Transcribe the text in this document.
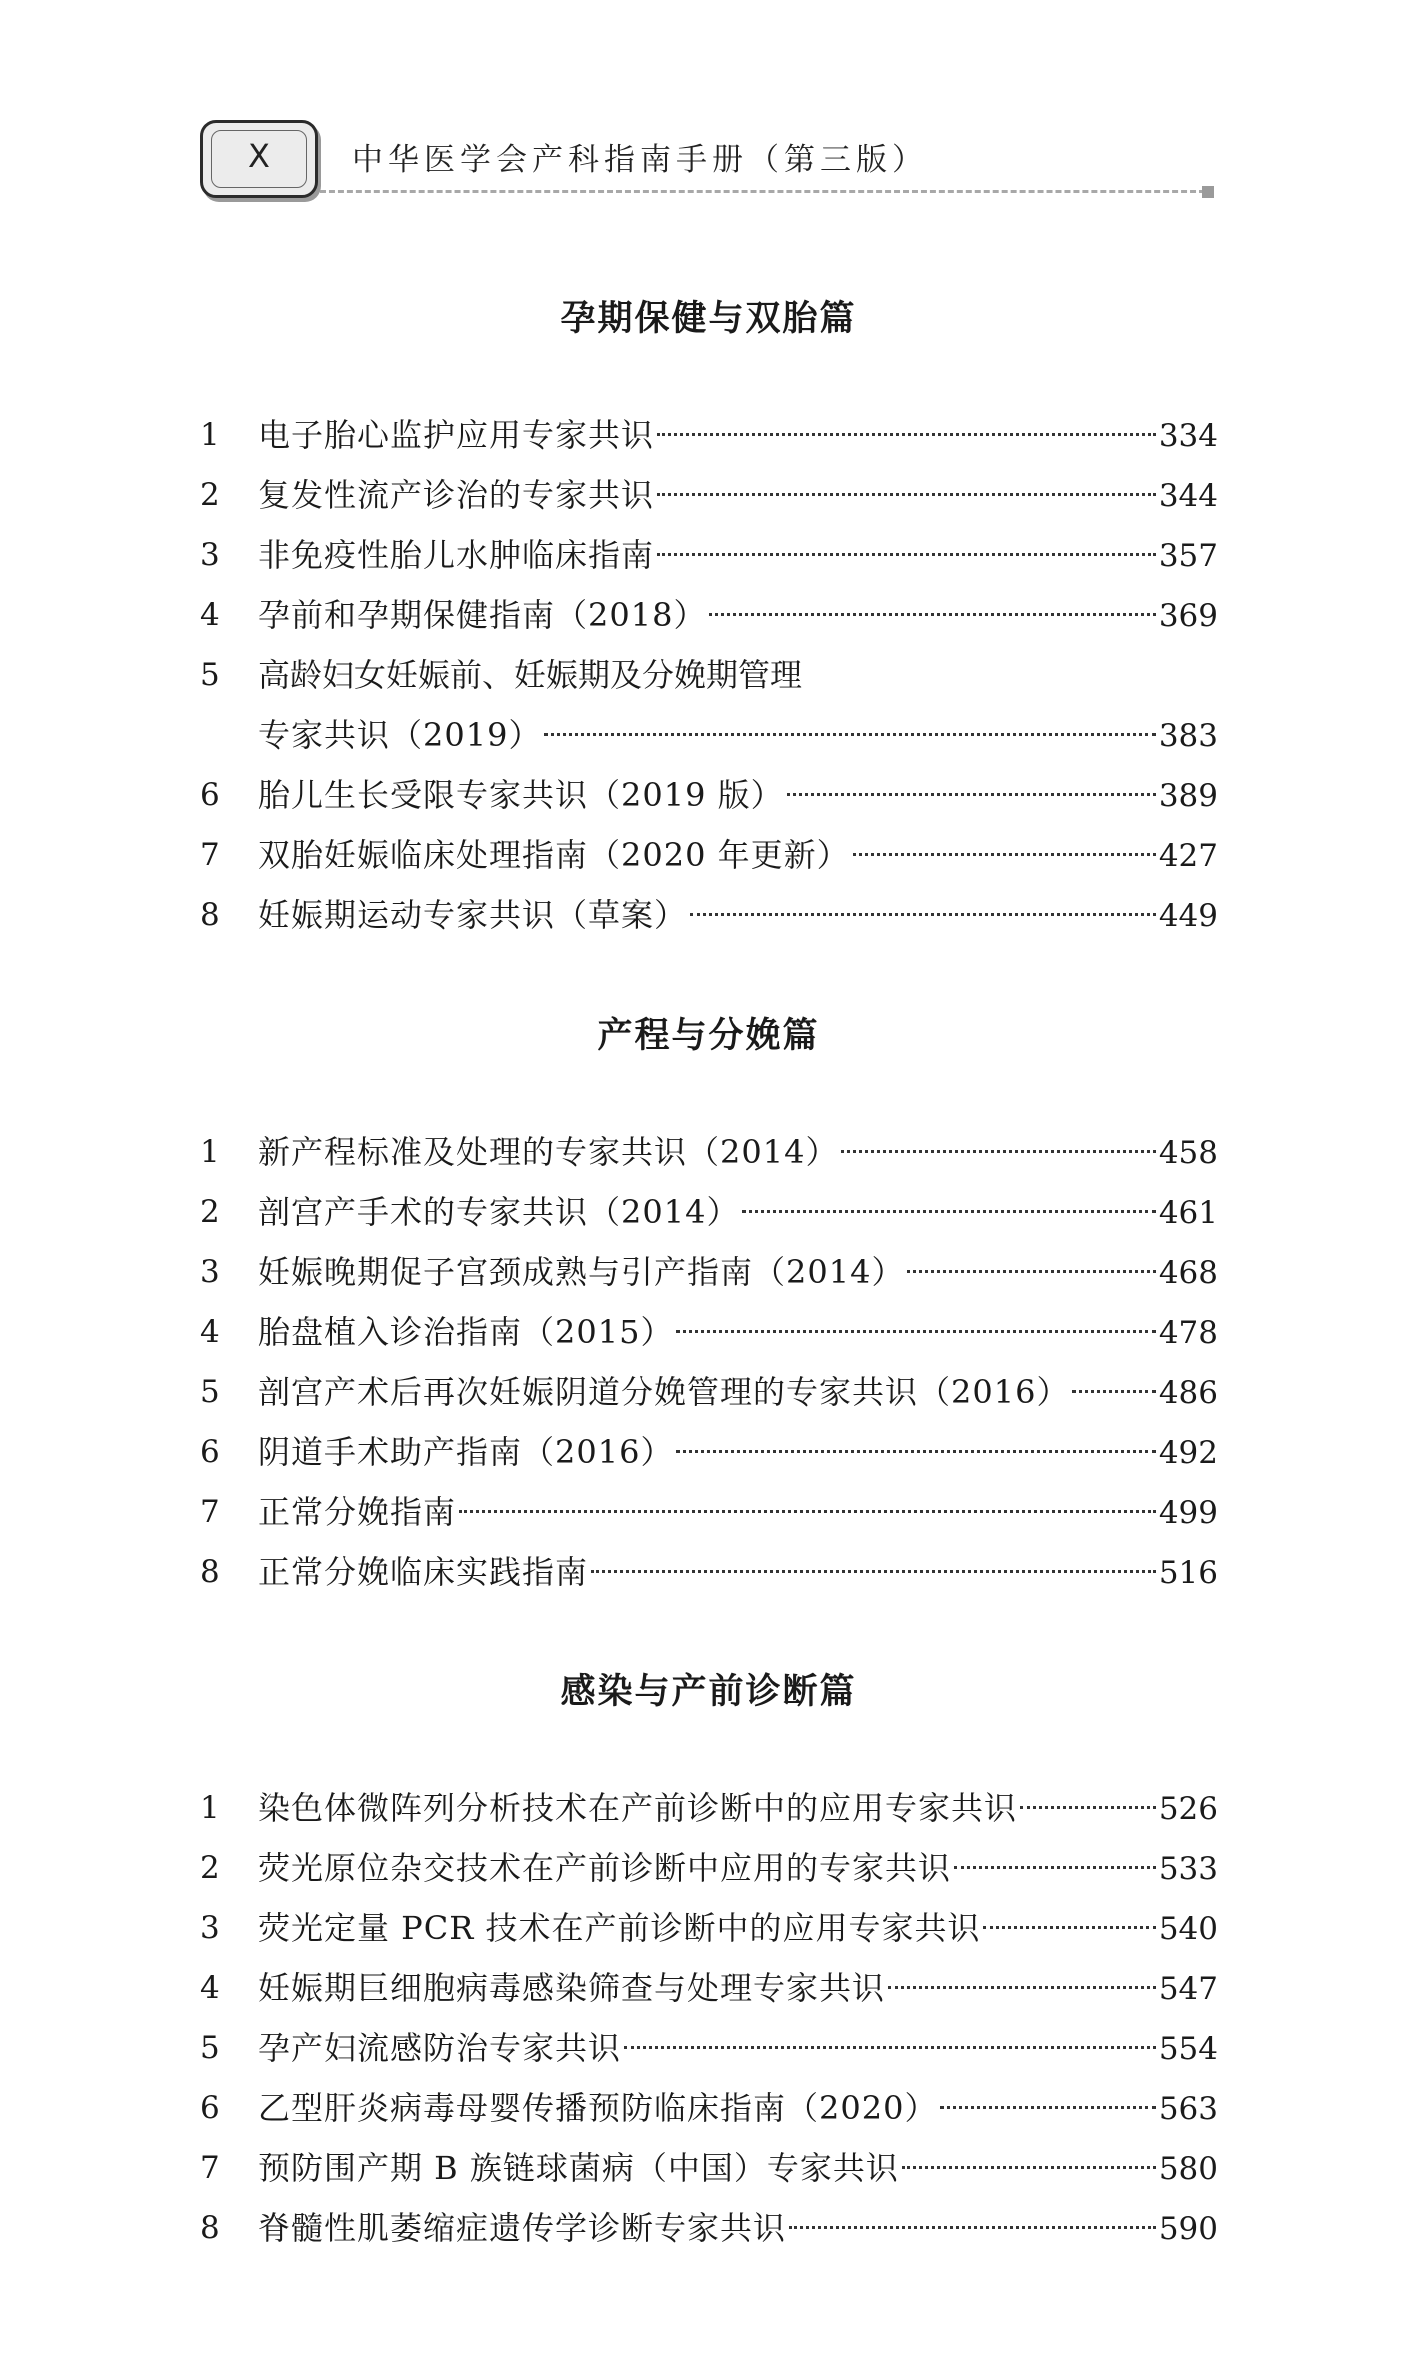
X	中华医学会产科指南手册（第三版）
孕期保健与双胎篇
1	电子胎心监护应用专家共识	334
2	复发性流产诊治的专家共识	344
3	非免疫性胎儿水肿临床指南	357
4	孕前和孕期保健指南（2018）	369
5	高龄妇女妊娠前、妊娠期及分娩期管理
专家共识（2019）	383
6	胎儿生长受限专家共识（2019 版）	389
7	双胎妊娠临床处理指南（2020 年更新）	427
8	妊娠期运动专家共识（草案）	449
产程与分娩篇
1	新产程标准及处理的专家共识（2014）	458
2	剖宫产手术的专家共识（2014）	461
3	妊娠晚期促子宫颈成熟与引产指南（2014）	468
4	胎盘植入诊治指南（2015）	478
5	剖宫产术后再次妊娠阴道分娩管理的专家共识（2016）	486
6	阴道手术助产指南（2016）	492
7	正常分娩指南	499
8	正常分娩临床实践指南	516
感染与产前诊断篇
1	染色体微阵列分析技术在产前诊断中的应用专家共识	526
2	荧光原位杂交技术在产前诊断中应用的专家共识	533
3	荧光定量 PCR 技术在产前诊断中的应用专家共识	540
4	妊娠期巨细胞病毒感染筛查与处理专家共识	547
5	孕产妇流感防治专家共识	554
6	乙型肝炎病毒母婴传播预防临床指南（2020）	563
7	预防围产期 B 族链球菌病（中国）专家共识	580
8	脊髓性肌萎缩症遗传学诊断专家共识	590
